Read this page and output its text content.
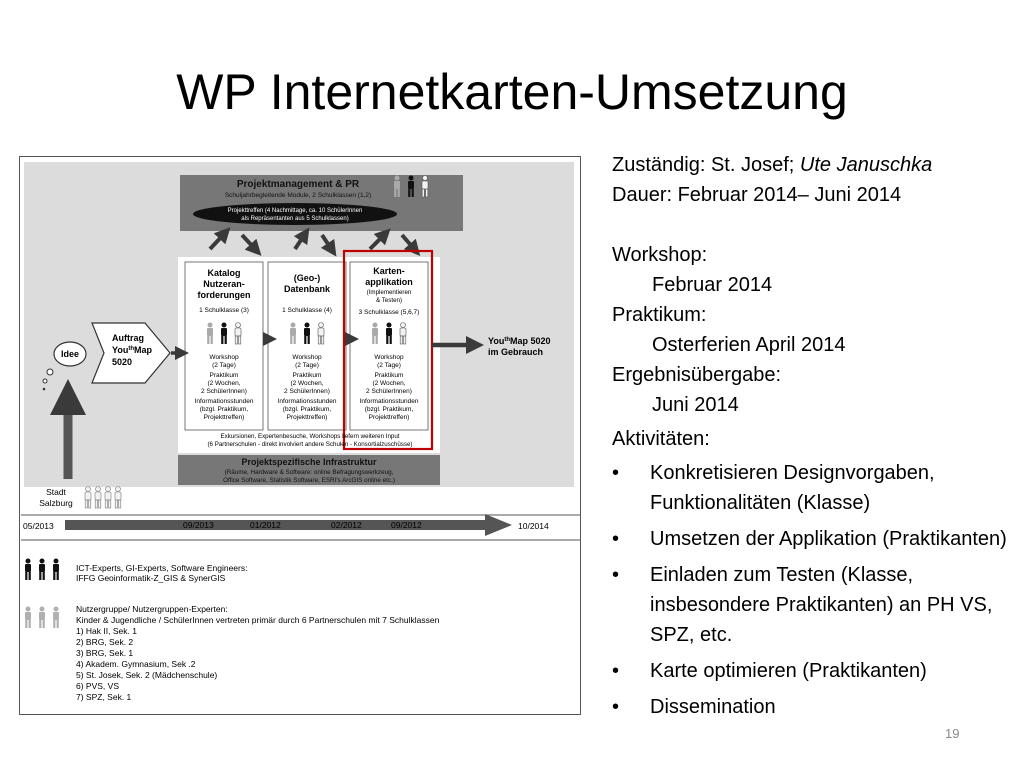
WP Internetkarten-Umsetzung
Projektmanagement & PR
Schuljahrbegleitende Module, 2 Schulklassen (1,2)
Projekttreffen (4 Nachmittage, ca. 10 SchülerInnen
als Repräsentanten aus 5 Schulklassen)
Katalog
Nutzeran-
forderungen
1 Schulklasse (3)
Workshop
(2 Tage)
Praktikum
(2 Wochen,
2 SchülerInnen)
Informationsstunden
(bzgl. Praktikum,
Projekttreffen)
(Geo-)
Datenbank
1 Schulklasse (4)
Workshop
(2 Tage)
Praktikum
(2 Wochen,
2 SchülerInnen)
Informationsstunden
(bzgl. Praktikum,
Projekttreffen)
Karten-
applikation
(Implementieren
& Testen)
3 Schulklasse (5,6,7)
Workshop
(2 Tage)
Praktikum
(2 Wochen,
2 SchülerInnen)
Informationsstunden
(bzgl. Praktikum,
Projekttreffen)
Exkursionen, Expertenbesuche, Workshops liefern weiteren Input
(6 Partnerschulen - direkt involviert andere Schulen - Konsortialzuschüsse)
Projektspezifische Infrastruktur
(Räume, Hardware & Software: online Befragungswerkzeug,
Office Software, Statistik Software, ESRI's ArcGIS online etc.)
Idee
Auftrag
You$^{th}$Map
5020
You$^{th}$Map 5020
im Gebrauch
Stadt
Salzburg
05/2013	09/2013	01/2012	02/2012	09/2012	10/2014
ICT-Experts, GI-Experts, Software Engineers:
IFFG Geoinformatik-Z_GIS & SynerGIS
Nutzergruppe/ Nutzergruppen-Experten:
Kinder & Jugendliche / SchülerInnen vertreten primär durch 6 Partnerschulen mit 7 Schulklassen
1) Hak II, Sek. 1
2) BRG, Sek. 2
3) BRG, Sek. 1
4) Akadem. Gymnasium, Sek .2
5) St. Josek, Sek. 2 (Mädchenschule)
6) PVS, VS
7) SPZ, Sek. 1

Zuständig: St. Josef; Ute Januschka

Dauer: Februar 2014– Juni 2014

Workshop:

Februar 2014

Praktikum:

Osterferien April 2014

Ergebnisübergabe:

Juni 2014

Aktivitäten:

•	Konkretisieren Designvorgaben, Funktionalitäten (Klasse)
•	Umsetzen der Applikation (Praktikanten)
•	Einladen zum Testen (Klasse, insbesondere Praktikanten) an PH VS, SPZ, etc.
•	Karte optimieren (Praktikanten)
•	Dissemination
19
